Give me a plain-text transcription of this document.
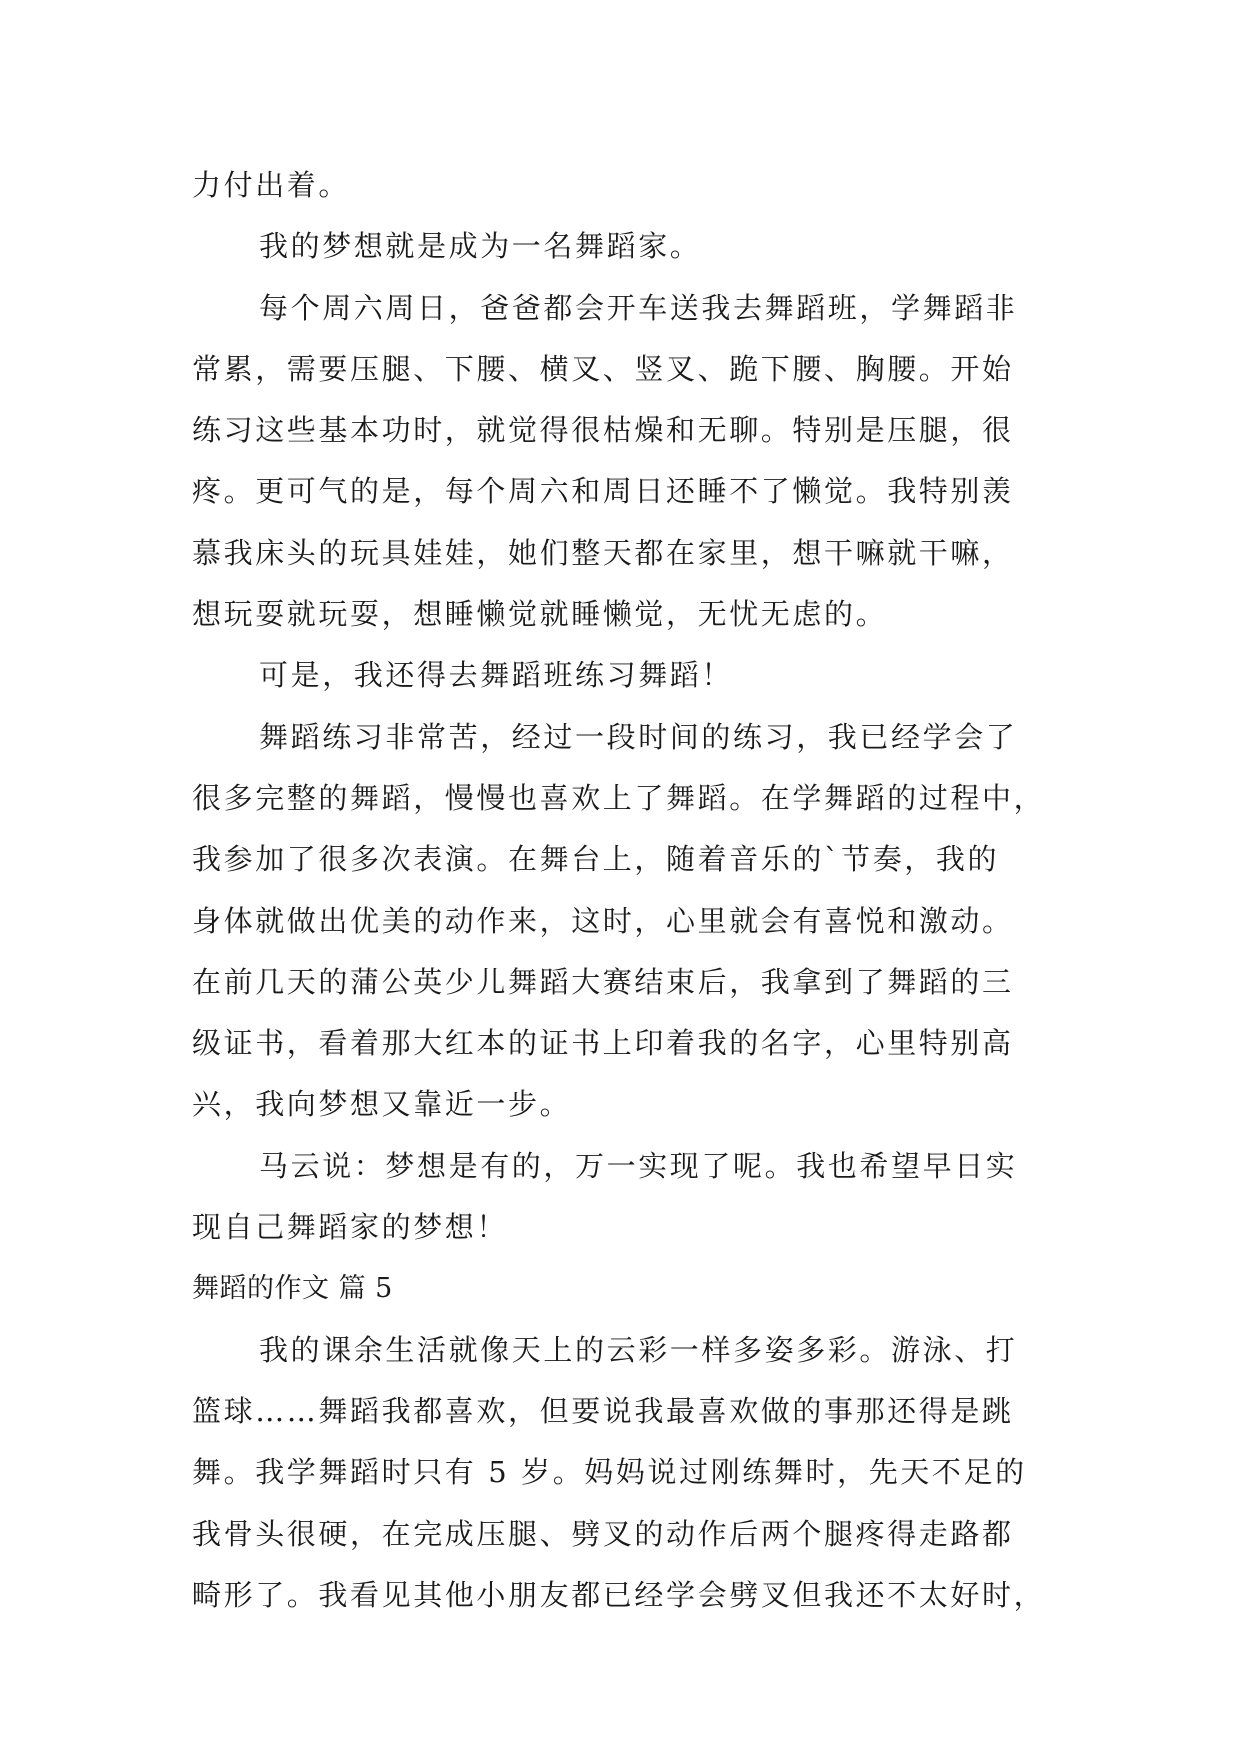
力付出着。
我的梦想就是成为一名舞蹈家。
每个周六周日，爸爸都会开车送我去舞蹈班，学舞蹈非
常累，需要压腿、下腰、横叉、竖叉、跪下腰、胸腰。开始
练习这些基本功时，就觉得很枯燥和无聊。特别是压腿，很
疼。更可气的是，每个周六和周日还睡不了懒觉。我特别羡
慕我床头的玩具娃娃，她们整天都在家里，想干嘛就干嘛，
想玩耍就玩耍，想睡懒觉就睡懒觉，无忧无虑的。
可是，我还得去舞蹈班练习舞蹈！
舞蹈练习非常苦，经过一段时间的练习，我已经学会了
很多完整的舞蹈，慢慢也喜欢上了舞蹈。在学舞蹈的过程中，
我参加了很多次表演。在舞台上，随着音乐的`节奏，我的
身体就做出优美的动作来，这时，心里就会有喜悦和激动。
在前几天的蒲公英少儿舞蹈大赛结束后，我拿到了舞蹈的三
级证书，看着那大红本的证书上印着我的名字，心里特别高
兴，我向梦想又靠近一步。
马云说：梦想是有的，万一实现了呢。我也希望早日实
现自己舞蹈家的梦想！
舞蹈的作文 篇 5
我的课余生活就像天上的云彩一样多姿多彩。游泳、打
篮球……舞蹈我都喜欢，但要说我最喜欢做的事那还得是跳
舞。我学舞蹈时只有 5 岁。妈妈说过刚练舞时，先天不足的
我骨头很硬，在完成压腿、劈叉的动作后两个腿疼得走路都
畸形了。我看见其他小朋友都已经学会劈叉但我还不太好时，
